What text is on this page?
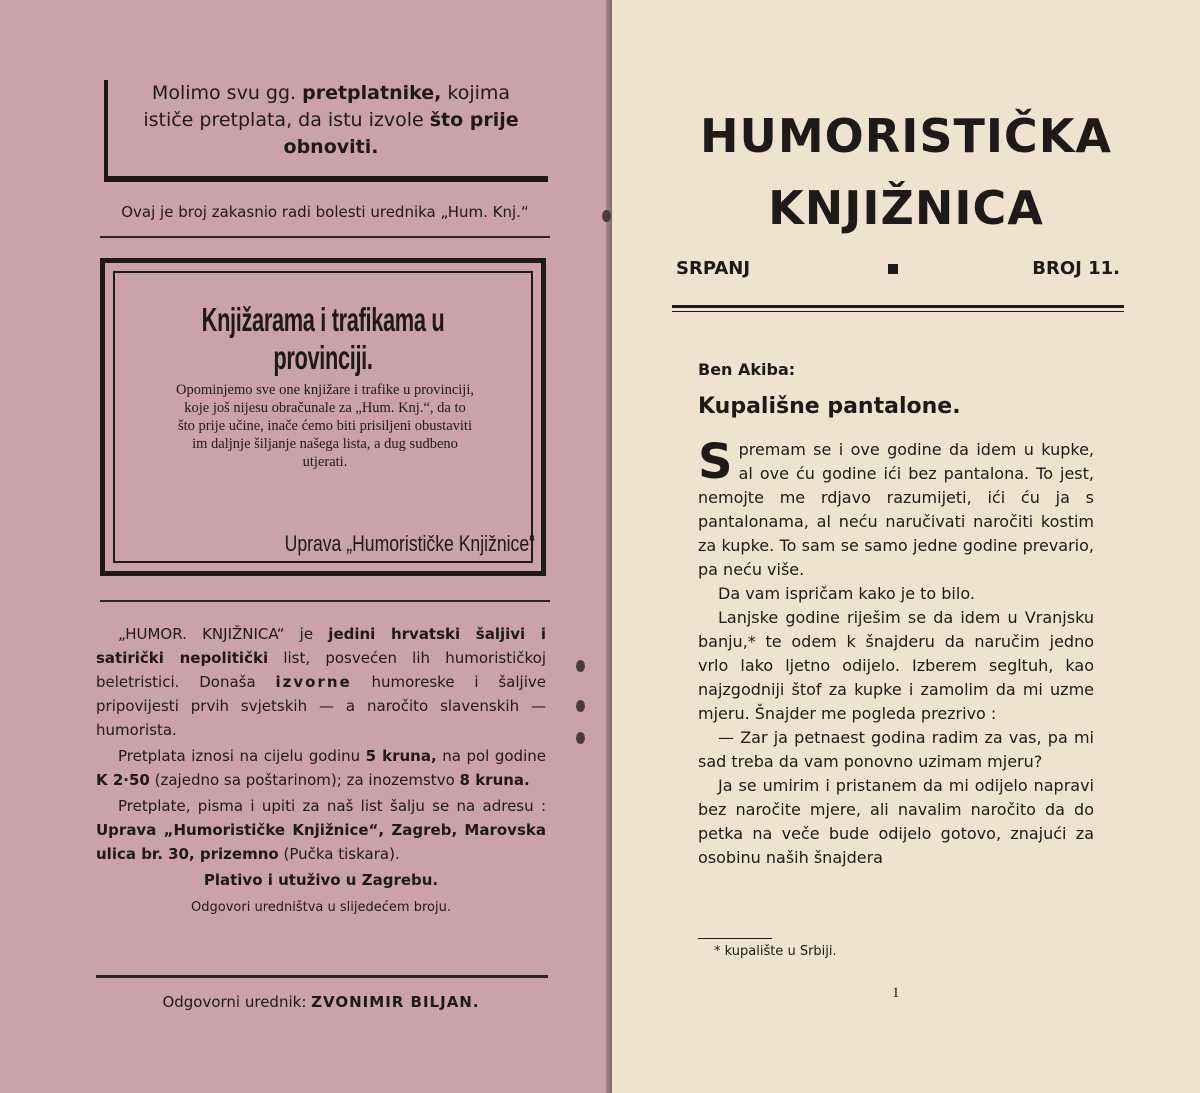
Molimo svu gg. pretplatnike, kojima
ističe pretplata, da istu izvole što prije
obnoviti.
Ovaj je broj zakasnio radi bolesti urednika „Hum. Knj.“
Knjižarama i trafikama u provinciji.
Opominjemo sve one knjižare i trafike u provinciji, koje još nijesu obračunale za „Hum. Knj.“, da to što prije učine, inače ćemo biti prisiljeni obustaviti im daljnje šiljanje našega lista, a dug sudbeno utjerati.
Uprava „Humorističke Knjižnice“

„HUMOR. KNJIŽNICA“ je jedini hrvatski šaljivi i satirički nepolitički list, posvećen lih humorističkoj beletristici. Donaša izvorne humoreske i šaljive pripovijesti prvih svjetskih — a naročito slavenskih — humorista.

Pretplata iznosi na cijelu godinu 5 kruna, na pol godine K 2·50 (zajedno sa poštarinom); za inozemstvo 8 kruna.

Pretplate, pisma i upiti za naš list šalju se na adresu : Uprava „Humorističke Knjižnice“, Zagreb, Marovska ulica br. 30, prizemno (Pučka tiskara).

Plativo i utuživo u Zagrebu.

Odgovori uredništva u slijedećem broju.

Odgovorni urednik: ZVONIMIR BILJAN.
HUMORISTIČKA
KNJIŽNICA
SRPANJ	BROJ 11.
Ben Akiba:
Kupališne pantalone.

Spremam se i ove godine da idem u kupke, al ove ću godine ići bez pantalona. To jest, nemojte me rdjavo razumijeti, ići ću ja s pantalonama, al neću naručivati naročiti kostim za kupke. To sam se samo jedne godine prevario, pa neću više.

Da vam ispričam kako je to bilo.

Lanjske godine riješim se da idem u Vranjsku banju,* te odem k šnajderu da naručim jedno vrlo lako ljetno odijelo. Izberem segltuh, kao najzgodniji štof za kupke i zamolim da mi uzme mjeru. Šnajder me pogleda prezrivo :

— Zar ja petnaest godina radim za vas, pa mi sad treba da vam ponovno uzimam mjeru?

Ja se umirim i pristanem da mi odijelo napravi bez naročite mjere, ali navalim naročito da do petka na veče bude odijelo gotovo, znajući za osobinu naših šnajdera

* kupalište u Srbiji.
1
